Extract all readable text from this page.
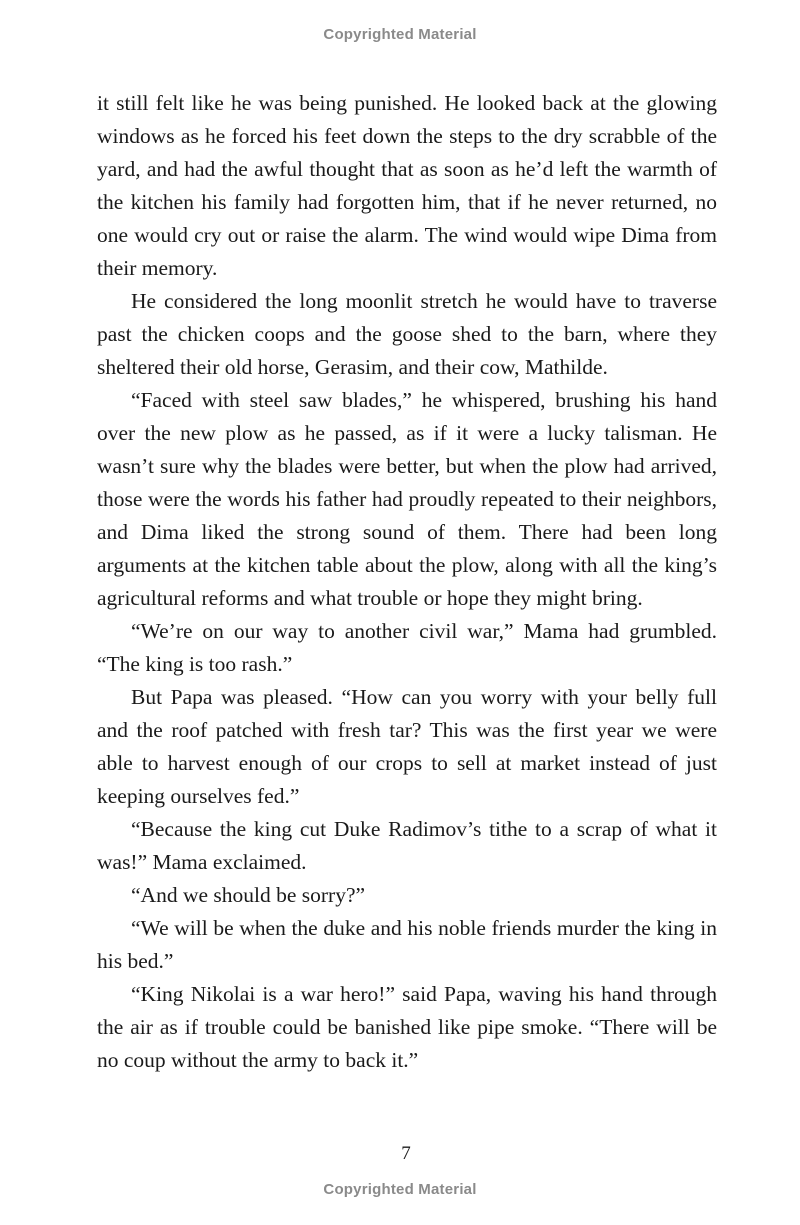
Copyrighted Material

it still felt like he was being punished. He looked back at the glowing windows as he forced his feet down the steps to the dry scrabble of the yard, and had the awful thought that as soon as he’d left the warmth of the kitchen his family had forgotten him, that if he never returned, no one would cry out or raise the alarm. The wind would wipe Dima from their memory.

He considered the long moonlit stretch he would have to traverse past the chicken coops and the goose shed to the barn, where they sheltered their old horse, Gerasim, and their cow, Mathilde.

“Faced with steel saw blades,” he whispered, brushing his hand over the new plow as he passed, as if it were a lucky talisman. He wasn’t sure why the blades were better, but when the plow had arrived, those were the words his father had proudly repeated to their neighbors, and Dima liked the strong sound of them. There had been long arguments at the kitchen table about the plow, along with all the king’s agricultural reforms and what trouble or hope they might bring.

“We’re on our way to another civil war,” Mama had grumbled. “The king is too rash.”

But Papa was pleased. “How can you worry with your belly full and the roof patched with fresh tar? This was the first year we were able to harvest enough of our crops to sell at market instead of just keeping ourselves fed.”

“Because the king cut Duke Radimov’s tithe to a scrap of what it was!” Mama exclaimed.

“And we should be sorry?”

“We will be when the duke and his noble friends murder the king in his bed.”

“King Nikolai is a war hero!” said Papa, waving his hand through the air as if trouble could be banished like pipe smoke. “There will be no coup without the army to back it.”

7
Copyrighted Material
